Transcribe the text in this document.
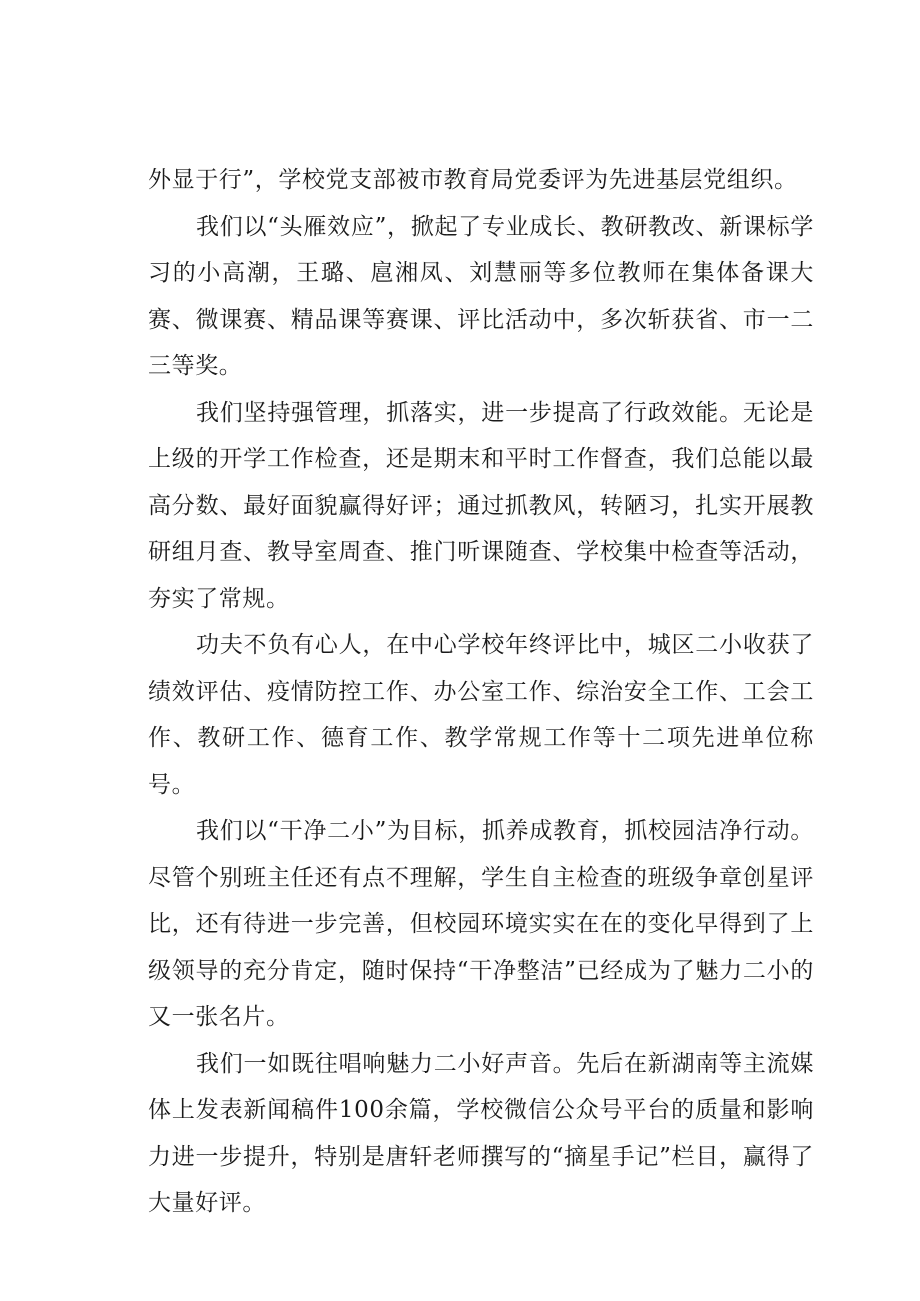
外显于行”，学校党支部被市教育局党委评为先进基层党组织。

我们以“头雁效应”，掀起了专业成长、教研教改、新课标学习的小高潮，王璐、扈湘凤、刘慧丽等多位教师在集体备课大赛、微课赛、精品课等赛课、评比活动中，多次斩获省、市一二三等奖。

我们坚持强管理，抓落实，进一步提高了行政效能。无论是上级的开学工作检查，还是期末和平时工作督查，我们总能以最高分数、最好面貌赢得好评；通过抓教风，转陋习，扎实开展教研组月查、教导室周查、推门听课随查、学校集中检查等活动，夯实了常规。

功夫不负有心人，在中心学校年终评比中，城区二小收获了绩效评估、疫情防控工作、办公室工作、综治安全工作、工会工作、教研工作、德育工作、教学常规工作等十二项先进单位称号。

我们以“干净二小”为目标，抓养成教育，抓校园洁净行动。尽管个别班主任还有点不理解，学生自主检查的班级争章创星评比，还有待进一步完善，但校园环境实实在在的变化早得到了上级领导的充分肯定，随时保持“干净整洁”已经成为了魅力二小的又一张名片。

我们一如既往唱响魅力二小好声音。先后在新湖南等主流媒体上发表新闻稿件100余篇，学校微信公众号平台的质量和影响力进一步提升，特别是唐轩老师撰写的“摘星手记”栏目，赢得了大量好评。
